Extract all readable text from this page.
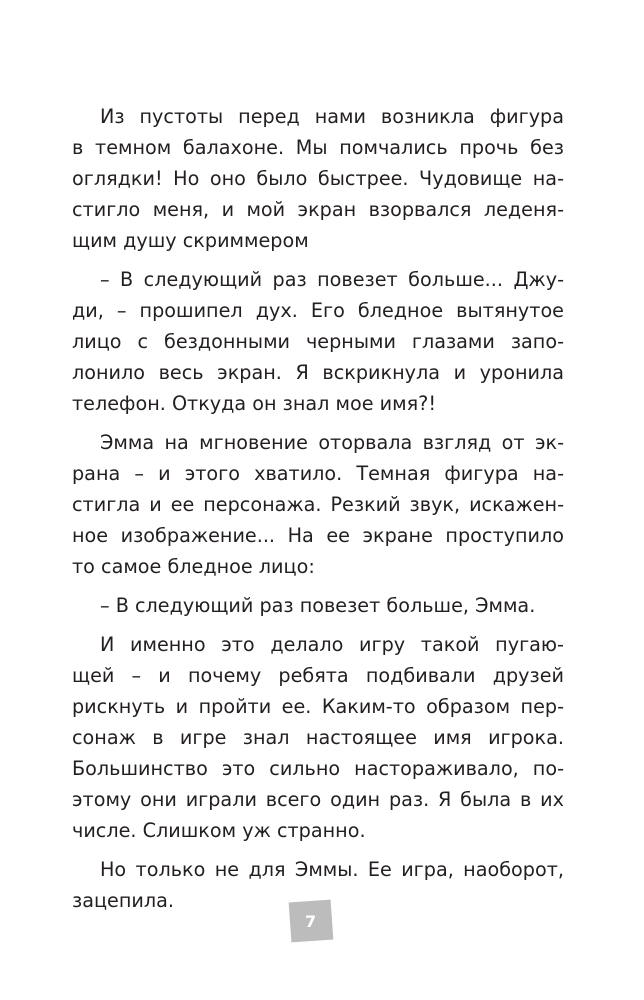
Из пустоты перед нами возникла фигура
в темном балахоне. Мы помчались прочь без
оглядки! Но оно было быстрее. Чудовище на-
стигло меня, и мой экран взорвался леденя-
щим душу скриммером
– В следующий раз повезет больше... Джу-
ди, – прошипел дух. Его бледное вытянутое
лицо с бездонными черными глазами запо-
лонило весь экран. Я вскрикнула и уронила
телефон. Откуда он знал мое имя?!
Эмма на мгновение оторвала взгляд от эк-
рана – и этого хватило. Темная фигура на-
стигла и ее персонажа. Резкий звук, искажен-
ное изображение... На ее экране проступило
то самое бледное лицо:
– В следующий раз повезет больше, Эмма.
И именно это делало игру такой пугаю-
щей – и почему ребята подбивали друзей
рискнуть и пройти ее. Каким-то образом пер-
сонаж в игре знал настоящее имя игрока.
Большинство это сильно настораживало, по-
этому они играли всего один раз. Я была в их
числе. Слишком уж странно.
Но только не для Эммы. Ее игра, наоборот,
зацепила.
7
